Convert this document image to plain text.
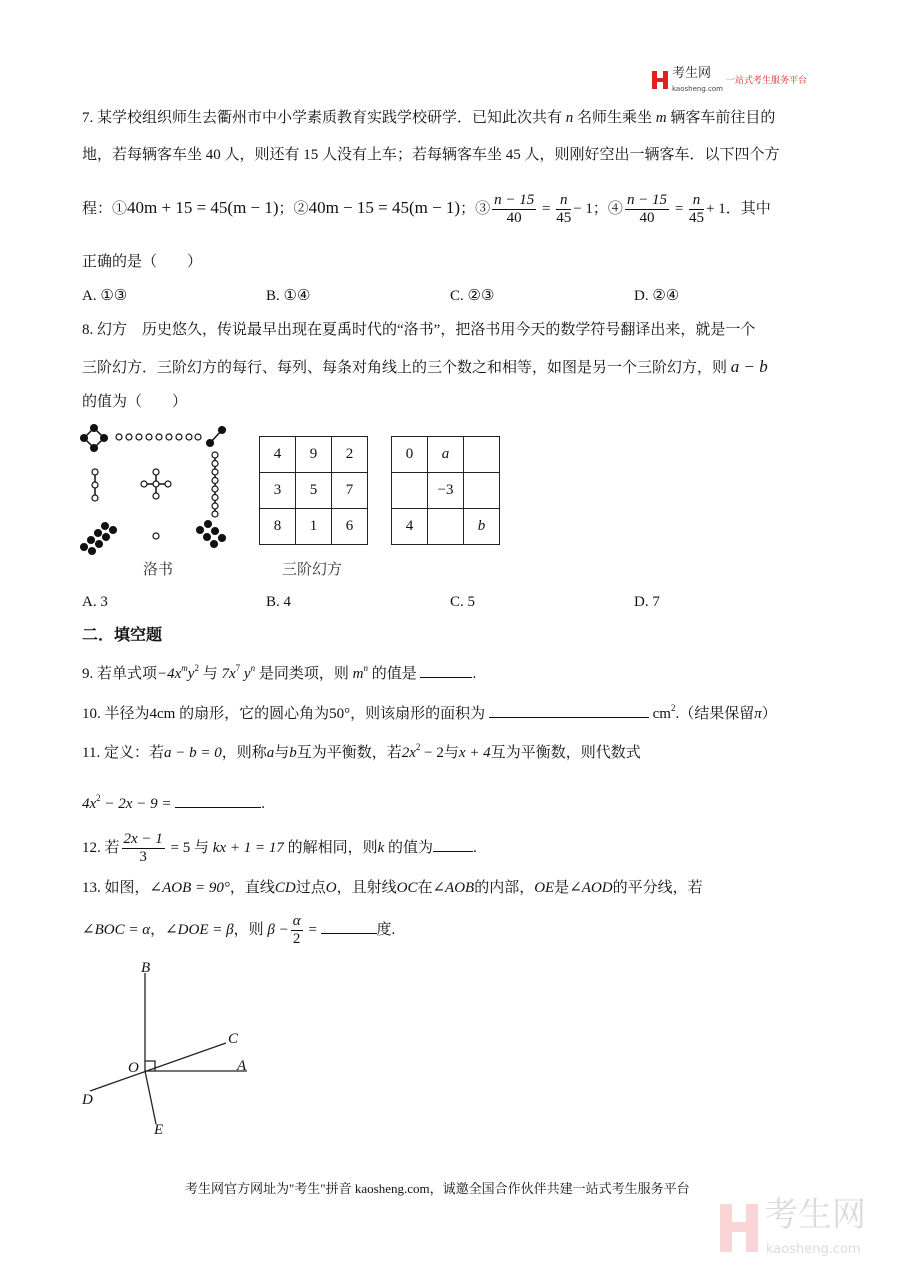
考生网
kaosheng.com
一站式考生服务平台
7. 某学校组织师生去衢州市中小学素质教育实践学校研学．已知此次共有 n 名师生乘坐 m 辆客车前往目的
地，若每辆客车坐 40 人，则还有 15 人没有上车；若每辆客车坐 45 人，则刚好空出一辆客车．以下四个方
程：①40m + 15 = 45(m − 1)；②40m − 15 = 45(m − 1)；③ $\frac{n - 15}{40} = \frac{n}{45} - 1$；④ $\frac{n - 15}{40} = \frac{n}{45} + 1$．其中
正确的是（　　）
A. ①③	B. ①④	C. ②③	D. ②④
8. 幻方　历史悠久，传说最早出现在夏禹时代的“洛书”，把洛书用今天的数学符号翻译出来，就是一个
三阶幻方．三阶幻方的每行、每列、每条对角线上的三个数之和相等，如图是另一个三阶幻方，则 a − b
的值为（　　）
4	9	2
3	5	7
8	1	6
0	a	
	−3	
4		b
洛书	三阶幻方
A. 3	B. 4	C. 5	D. 7
二．填空题
9. 若单式项$-4x^my^2$ 与 $7x^7$ $y^n$ 是同类项，则 $m^n$ 的值是	.
10. 半径为4cm 的扇形，它的圆心角为50°，则该扇形的面积为	$cm^2$.（结果保留π）
11. 定义：若a − b = 0，则称a与b互为平衡数，若$2x^2 - 2$与x + 4互为平衡数，则代数式
$4x^2 - 2x - 9$ =	.
12. 若 $\frac{2x - 1}{3} = 5$ 与 kx + 1 = 17 的解相同，则k 的值为	.
13. 如图，∠AOB = 90°，直线CD过点O，且射线OC在∠AOB的内部，OE是∠AOD的平分线，若
∠BOC = α，∠DOE = β，则 $\beta - \frac{\alpha}{2}$ =	度.
B
C
O	A
D
E
考生网官方网址为"考生"拼音 kaosheng.com，诚邀全国合作伙伴共建一站式考生服务平台
考生网
kaosheng.com
